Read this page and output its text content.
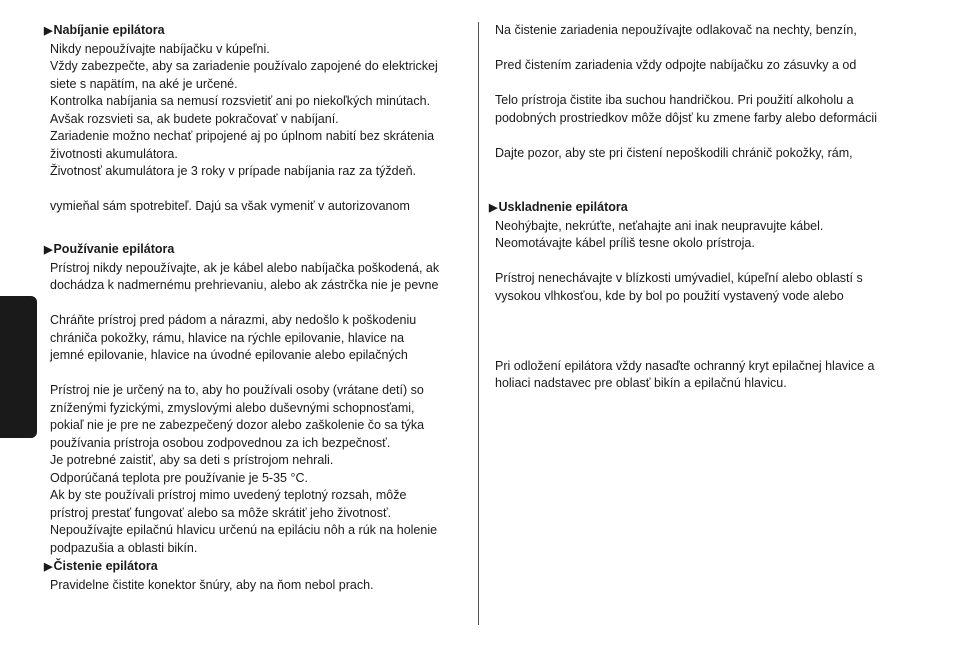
Slovenčina
▶Nabíjanie epilátora
Nikdy nepoužívajte nabíjačku v kúpeľni.
Vždy zabezpečte, aby sa zariadenie používalo zapojené do elektrickej
siete s napätím, na aké je určené.
Kontrolka nabíjania sa nemusí rozsvietiť ani po niekoľkých minútach.
Avšak rozsvieti sa, ak budete pokračovať v nabíjaní.
Zariadenie možno nechať pripojené aj po úplnom nabití bez skrátenia
životnosti akumulátora.
Životnosť akumulátora je 3 roky v prípade nabíjania raz za týždeň.
vymieňal sám spotrebiteľ. Dajú sa však vymeniť v autorizovanom
▶Používanie epilátora
Prístroj nikdy nepoužívajte, ak je kábel alebo nabíjačka poškodená, ak
dochádza k nadmernému prehrievaniu, alebo ak zástrčka nie je pevne
Chráňte prístroj pred pádom a nárazmi, aby nedošlo k poškodeniu
chrániča pokožky, rámu, hlavice na rýchle epilovanie, hlavice na
jemné epilovanie, hlavice na úvodné epilovanie alebo epilačných
Prístroj nie je určený na to, aby ho používali osoby (vrátane detí) so
zníženými fyzickými, zmyslovými alebo duševnými schopnosťami,
pokiaľ nie je pre ne zabezpečený dozor alebo zaškolenie čo sa týka
používania prístroja osobou zodpovednou za ich bezpečnosť.
Je potrebné zaistiť, aby sa deti s prístrojom nehrali.
Odporúčaná teplota pre používanie je 5-35 °C.
Ak by ste používali prístroj mimo uvedený teplotný rozsah, môže
prístroj prestať fungovať alebo sa môže skrátiť jeho životnosť.
Nepoužívajte epilačnú hlavicu určenú na epiláciu nôh a rúk na holenie
podpazušia a oblasti bikín.
▶Čistenie epilátora
Pravidelne čistite konektor šnúry, aby na ňom nebol prach.
Na čistenie zariadenia nepoužívajte odlakovač na nechty, benzín,
Pred čistením zariadenia vždy odpojte nabíjačku zo zásuvky a od
Telo prístroja čistite iba suchou handričkou. Pri použití alkoholu a
podobných prostriedkov môže dôjsť ku zmene farby alebo deformácii
Dajte pozor, aby ste pri čistení nepoškodili chránič pokožky, rám,
▶Uskladnenie epilátora
Neohýbajte, nekrúťte, neťahajte ani inak neupravujte kábel.
Neomotávajte kábel príliš tesne okolo prístroja.
Prístroj nenechávajte v blízkosti umývadiel, kúpeľní alebo oblastí s
vysokou vlhkosťou, kde by bol po použití vystavený vode alebo
Pri odložení epilátora vždy nasaďte ochranný kryt epilačnej hlavice a
holiaci nadstavec pre oblasť bikín a epilačnú hlavicu.
